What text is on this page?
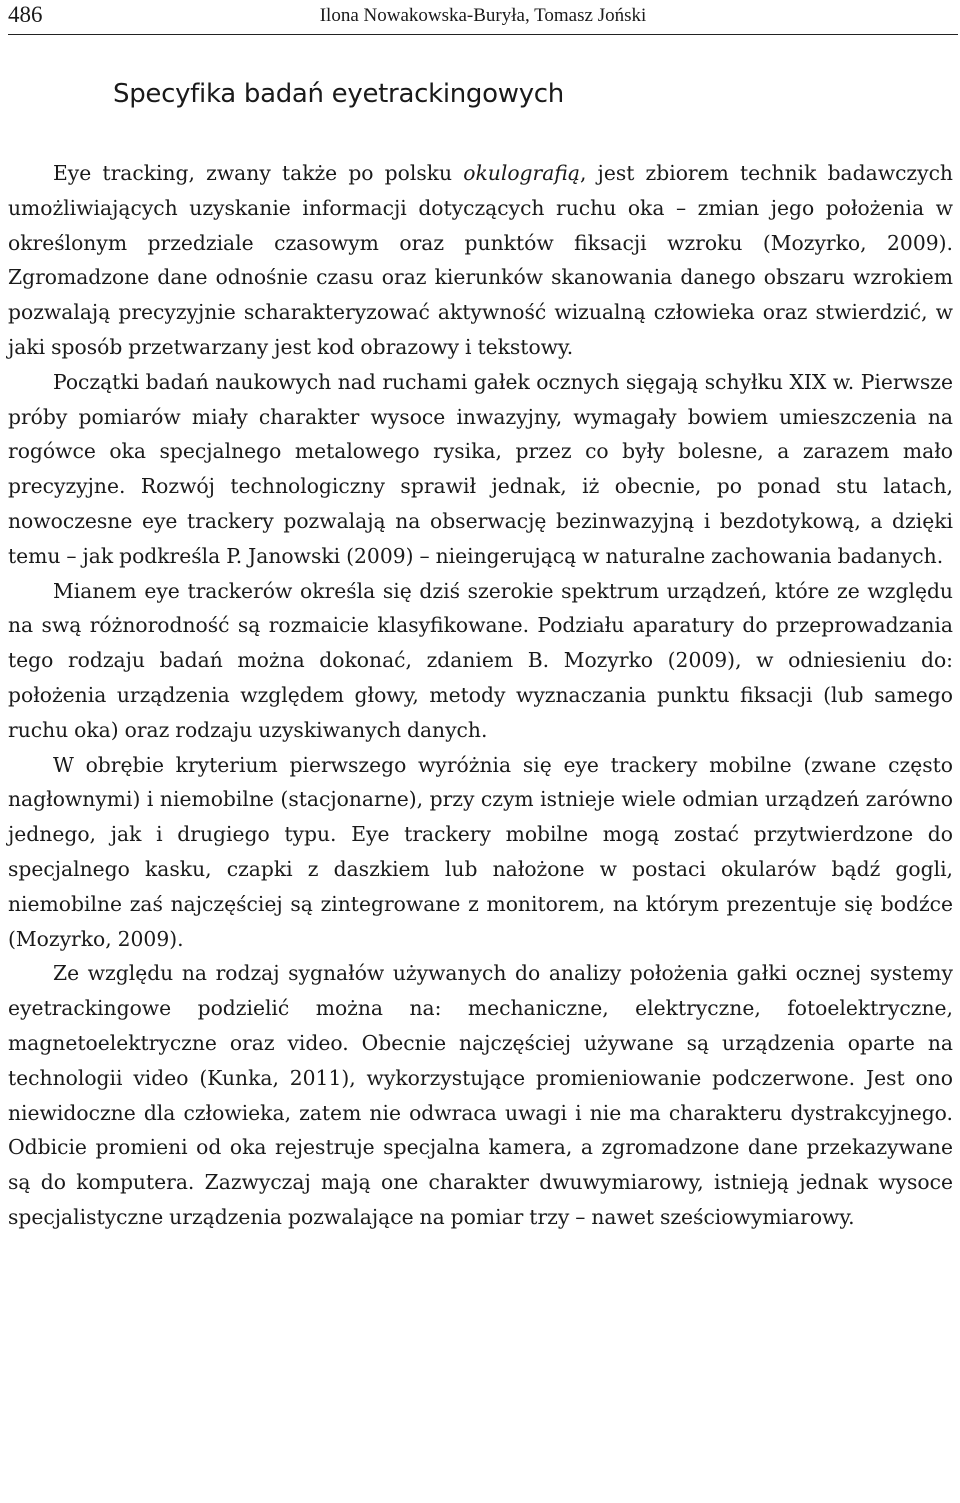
486	Ilona Nowakowska-Buryła, Tomasz Joński
Specyfika badań eyetrackingowych

Eye tracking, zwany także po polsku okulografią, jest zbiorem technik badawczych umożliwiających uzyskanie informacji dotyczących ruchu oka – zmian jego położenia w określonym przedziale czasowym oraz punktów fiksacji wzroku (Mozyrko, 2009). Zgromadzone dane odnośnie czasu oraz kierunków skanowania danego obszaru wzrokiem pozwalają precyzyjnie scharakteryzować aktywność wizualną człowieka oraz stwierdzić, w jaki sposób przetwarzany jest kod obrazowy i tekstowy.

Początki badań naukowych nad ruchami gałek ocznych sięgają schyłku XIX w. Pierwsze próby pomiarów miały charakter wysoce inwazyjny, wymagały bowiem umieszczenia na rogówce oka specjalnego metalowego rysika, przez co były bolesne, a zarazem mało precyzyjne. Rozwój technologiczny sprawił jednak, iż obecnie, po ponad stu latach, nowoczesne eye trackery pozwalają na obserwację bezinwazyjną i bezdotykową, a dzięki temu – jak podkreśla P. Janowski (2009) – nieingerującą w naturalne zachowania badanych.

Mianem eye trackerów określa się dziś szerokie spektrum urządzeń, które ze względu na swą różnorodność są rozmaicie klasyfikowane. Podziału aparatury do przeprowadzania tego rodzaju badań można dokonać, zdaniem B. Mozyrko (2009), w odniesieniu do: położenia urządzenia względem głowy, metody wyznaczania punktu fiksacji (lub samego ruchu oka) oraz rodzaju uzyskiwanych danych.

W obrębie kryterium pierwszego wyróżnia się eye trackery mobilne (zwane często nagłownymi) i niemobilne (stacjonarne), przy czym istnieje wiele odmian urządzeń zarówno jednego, jak i drugiego typu. Eye trackery mobilne mogą zostać przytwierdzone do specjalnego kasku, czapki z daszkiem lub nałożone w postaci okularów bądź gogli, niemobilne zaś najczęściej są zintegrowane z monitorem, na którym prezentuje się bodźce (Mozyrko, 2009).

Ze względu na rodzaj sygnałów używanych do analizy położenia gałki ocznej systemy eyetrackingowe podzielić można na: mechaniczne, elektryczne, fotoelektryczne, magnetoelektryczne oraz video. Obecnie najczęściej używane są urządzenia oparte na technologii video (Kunka, 2011), wykorzystujące promieniowanie podczerwone. Jest ono niewidoczne dla człowieka, zatem nie odwraca uwagi i nie ma charakteru dystrakcyjnego. Odbicie promieni od oka rejestruje specjalna kamera, a zgromadzone dane przekazywane są do komputera. Zazwyczaj mają one charakter dwuwymiarowy, istnieją jednak wysoce specjalistyczne urządzenia pozwalające na pomiar trzy – nawet sześciowymiarowy.
